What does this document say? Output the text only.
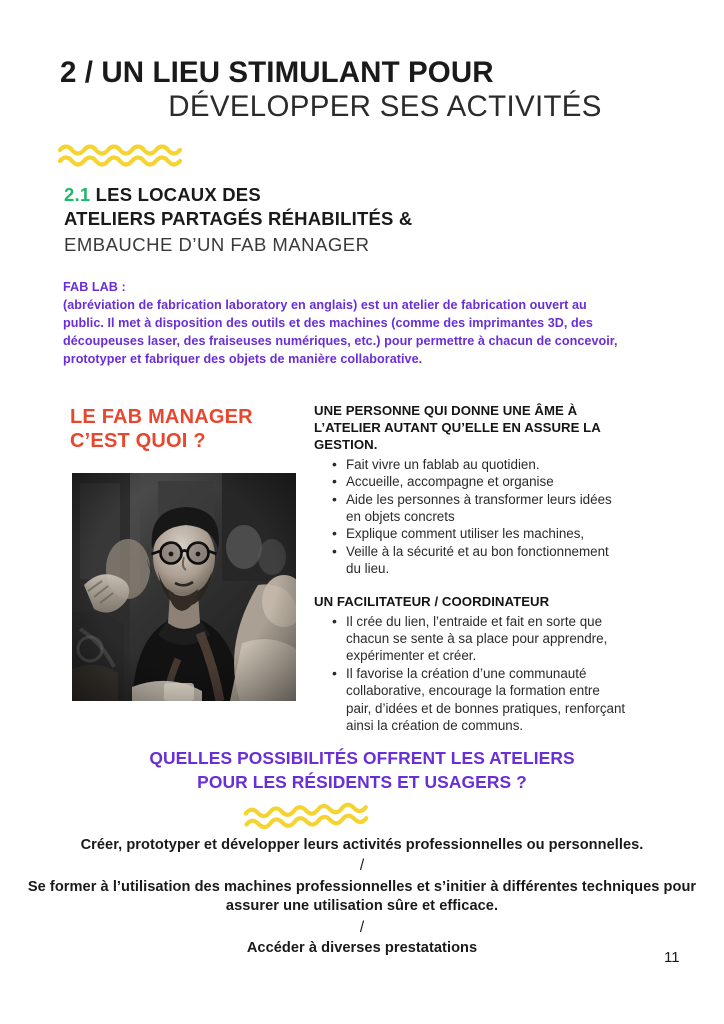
2 / UN LIEU STIMULANT POUR
DÉVELOPPER SES ACTIVITÉS
2.1 LES LOCAUX DES
ATELIERS PARTAGÉS RÉHABILITÉS &
EMBAUCHE D’UN FAB MANAGER
FAB LAB :
(abréviation de fabrication laboratory en anglais) est un atelier de fabrication ouvert au public. Il met à disposition des outils et des machines (comme des imprimantes 3D, des découpeuses laser, des fraiseuses numériques, etc.) pour permettre à chacun de concevoir, prototyper et fabriquer des objets de manière collaborative.
LE FAB MANAGER
C’EST QUOI ?
UNE PERSONNE QUI DONNE UNE ÂME À L’ATELIER AUTANT QU’ELLE EN ASSURE LA GESTION.
• Fait vivre un fablab au quotidien.
• Accueille, accompagne et organise
• Aide les personnes à transformer leurs idées en objets concrets
• Explique comment utiliser les machines,
• Veille à la sécurité et au bon fonctionnement du lieu.
UN FACILITATEUR / COORDINATEUR
• Il crée du lien, l’entraide et fait en sorte que chacun se sente à sa place pour apprendre, expérimenter et créer.
• Il favorise la création d’une communauté collaborative, encourage la formation entre pair, d’idées et de bonnes pratiques, renforçant ainsi la création de communs.
QUELLES POSSIBILITÉS OFFRENT LES ATELIERS
POUR LES RÉSIDENTS ET USAGERS ?
Créer, prototyper et développer leurs activités professionnelles ou personnelles.
/
Se former à l’utilisation des machines professionnelles et s’initier à différentes techniques pour assurer une utilisation sûre et efficace.
/
Accéder à diverses prestatations
11
